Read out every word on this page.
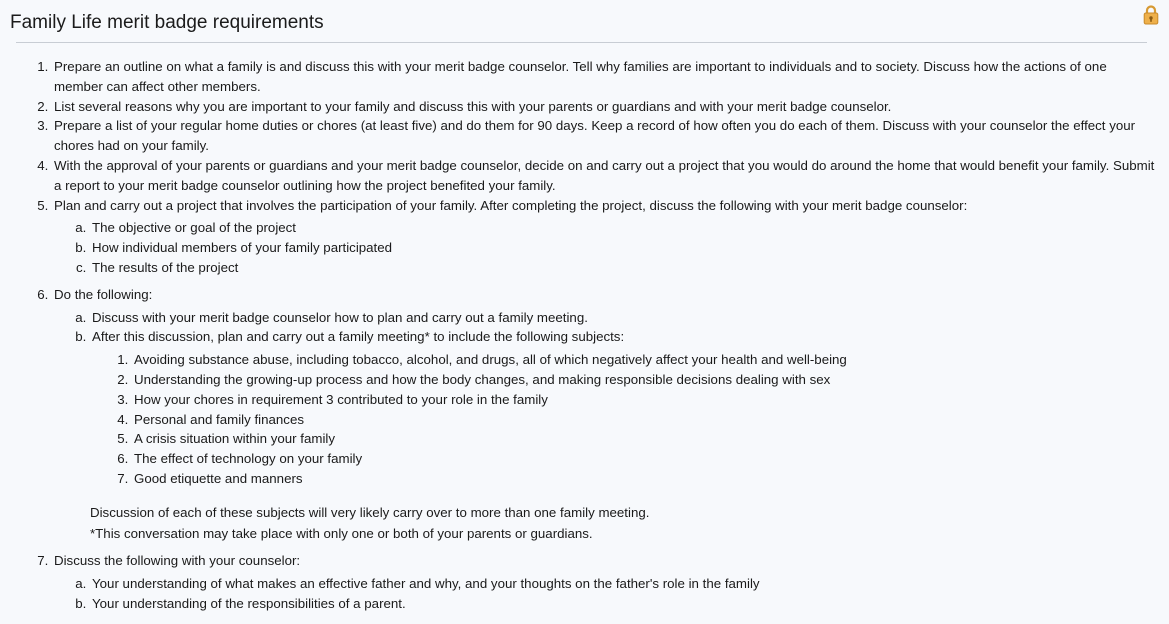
Family Life merit badge requirements
1. Prepare an outline on what a family is and discuss this with your merit badge counselor. Tell why families are important to individuals and to society. Discuss how the actions of one member can affect other members.
2. List several reasons why you are important to your family and discuss this with your parents or guardians and with your merit badge counselor.
3. Prepare a list of your regular home duties or chores (at least five) and do them for 90 days. Keep a record of how often you do each of them. Discuss with your counselor the effect your chores had on your family.
4. With the approval of your parents or guardians and your merit badge counselor, decide on and carry out a project that you would do around the home that would benefit your family. Submit a report to your merit badge counselor outlining how the project benefited your family.
5. Plan and carry out a project that involves the participation of your family. After completing the project, discuss the following with your merit badge counselor:
a. The objective or goal of the project
b. How individual members of your family participated
c. The results of the project
6. Do the following:
a. Discuss with your merit badge counselor how to plan and carry out a family meeting.
b. After this discussion, plan and carry out a family meeting* to include the following subjects:
1. Avoiding substance abuse, including tobacco, alcohol, and drugs, all of which negatively affect your health and well-being
2. Understanding the growing-up process and how the body changes, and making responsible decisions dealing with sex
3. How your chores in requirement 3 contributed to your role in the family
4. Personal and family finances
5. A crisis situation within your family
6. The effect of technology on your family
7. Good etiquette and manners

Discussion of each of these subjects will very likely carry over to more than one family meeting.

*This conversation may take place with only one or both of your parents or guardians.

7. Discuss the following with your counselor:
a. Your understanding of what makes an effective father and why, and your thoughts on the father's role in the family
b. Your understanding of the responsibilities of a parent.
